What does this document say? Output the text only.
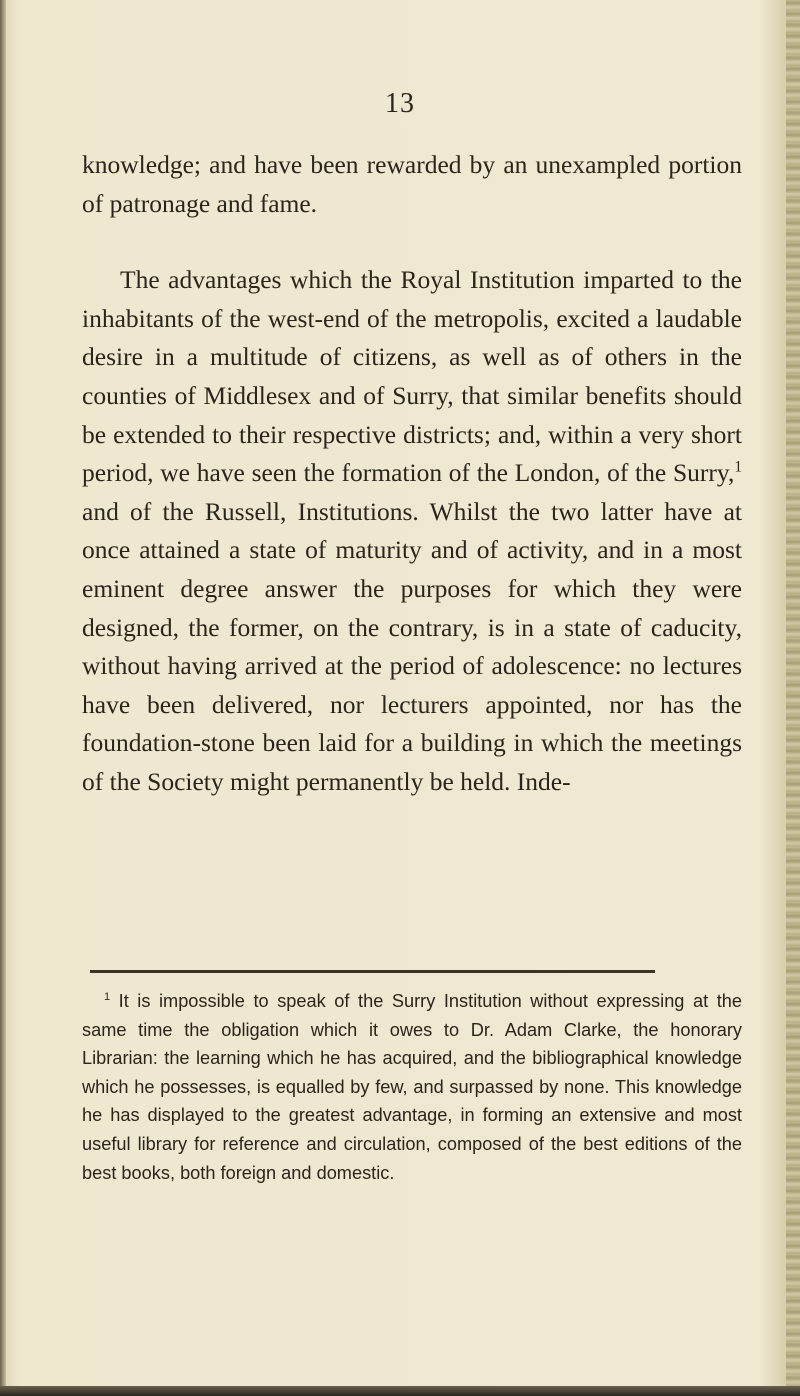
13

knowledge; and have been rewarded by an unexampled portion of patronage and fame.

The advantages which the Royal Institution imparted to the inhabitants of the west-end of the metropolis, excited a laudable desire in a multitude of citizens, as well as of others in the counties of Middlesex and of Surry, that similar benefits should be extended to their respective districts; and, within a very short period, we have seen the formation of the London, of the Surry,$^1$ and of the Russell, Institutions. Whilst the two latter have at once attained a state of maturity and of activity, and in a most eminent degree answer the purposes for which they were designed, the former, on the contrary, is in a state of caducity, without having arrived at the period of adolescence: no lectures have been delivered, nor lecturers appointed, nor has the foundation-stone been laid for a building in which the meetings of the Society might permanently be held. Inde-

$^1$ It is impossible to speak of the Surry Institution without expressing at the same time the obligation which it owes to Dr. Adam Clarke, the honorary Librarian: the learning which he has acquired, and the bibliographical knowledge which he possesses, is equalled by few, and surpassed by none. This knowledge he has displayed to the greatest advantage, in forming an extensive and most useful library for reference and circulation, composed of the best editions of the best books, both foreign and domestic.
